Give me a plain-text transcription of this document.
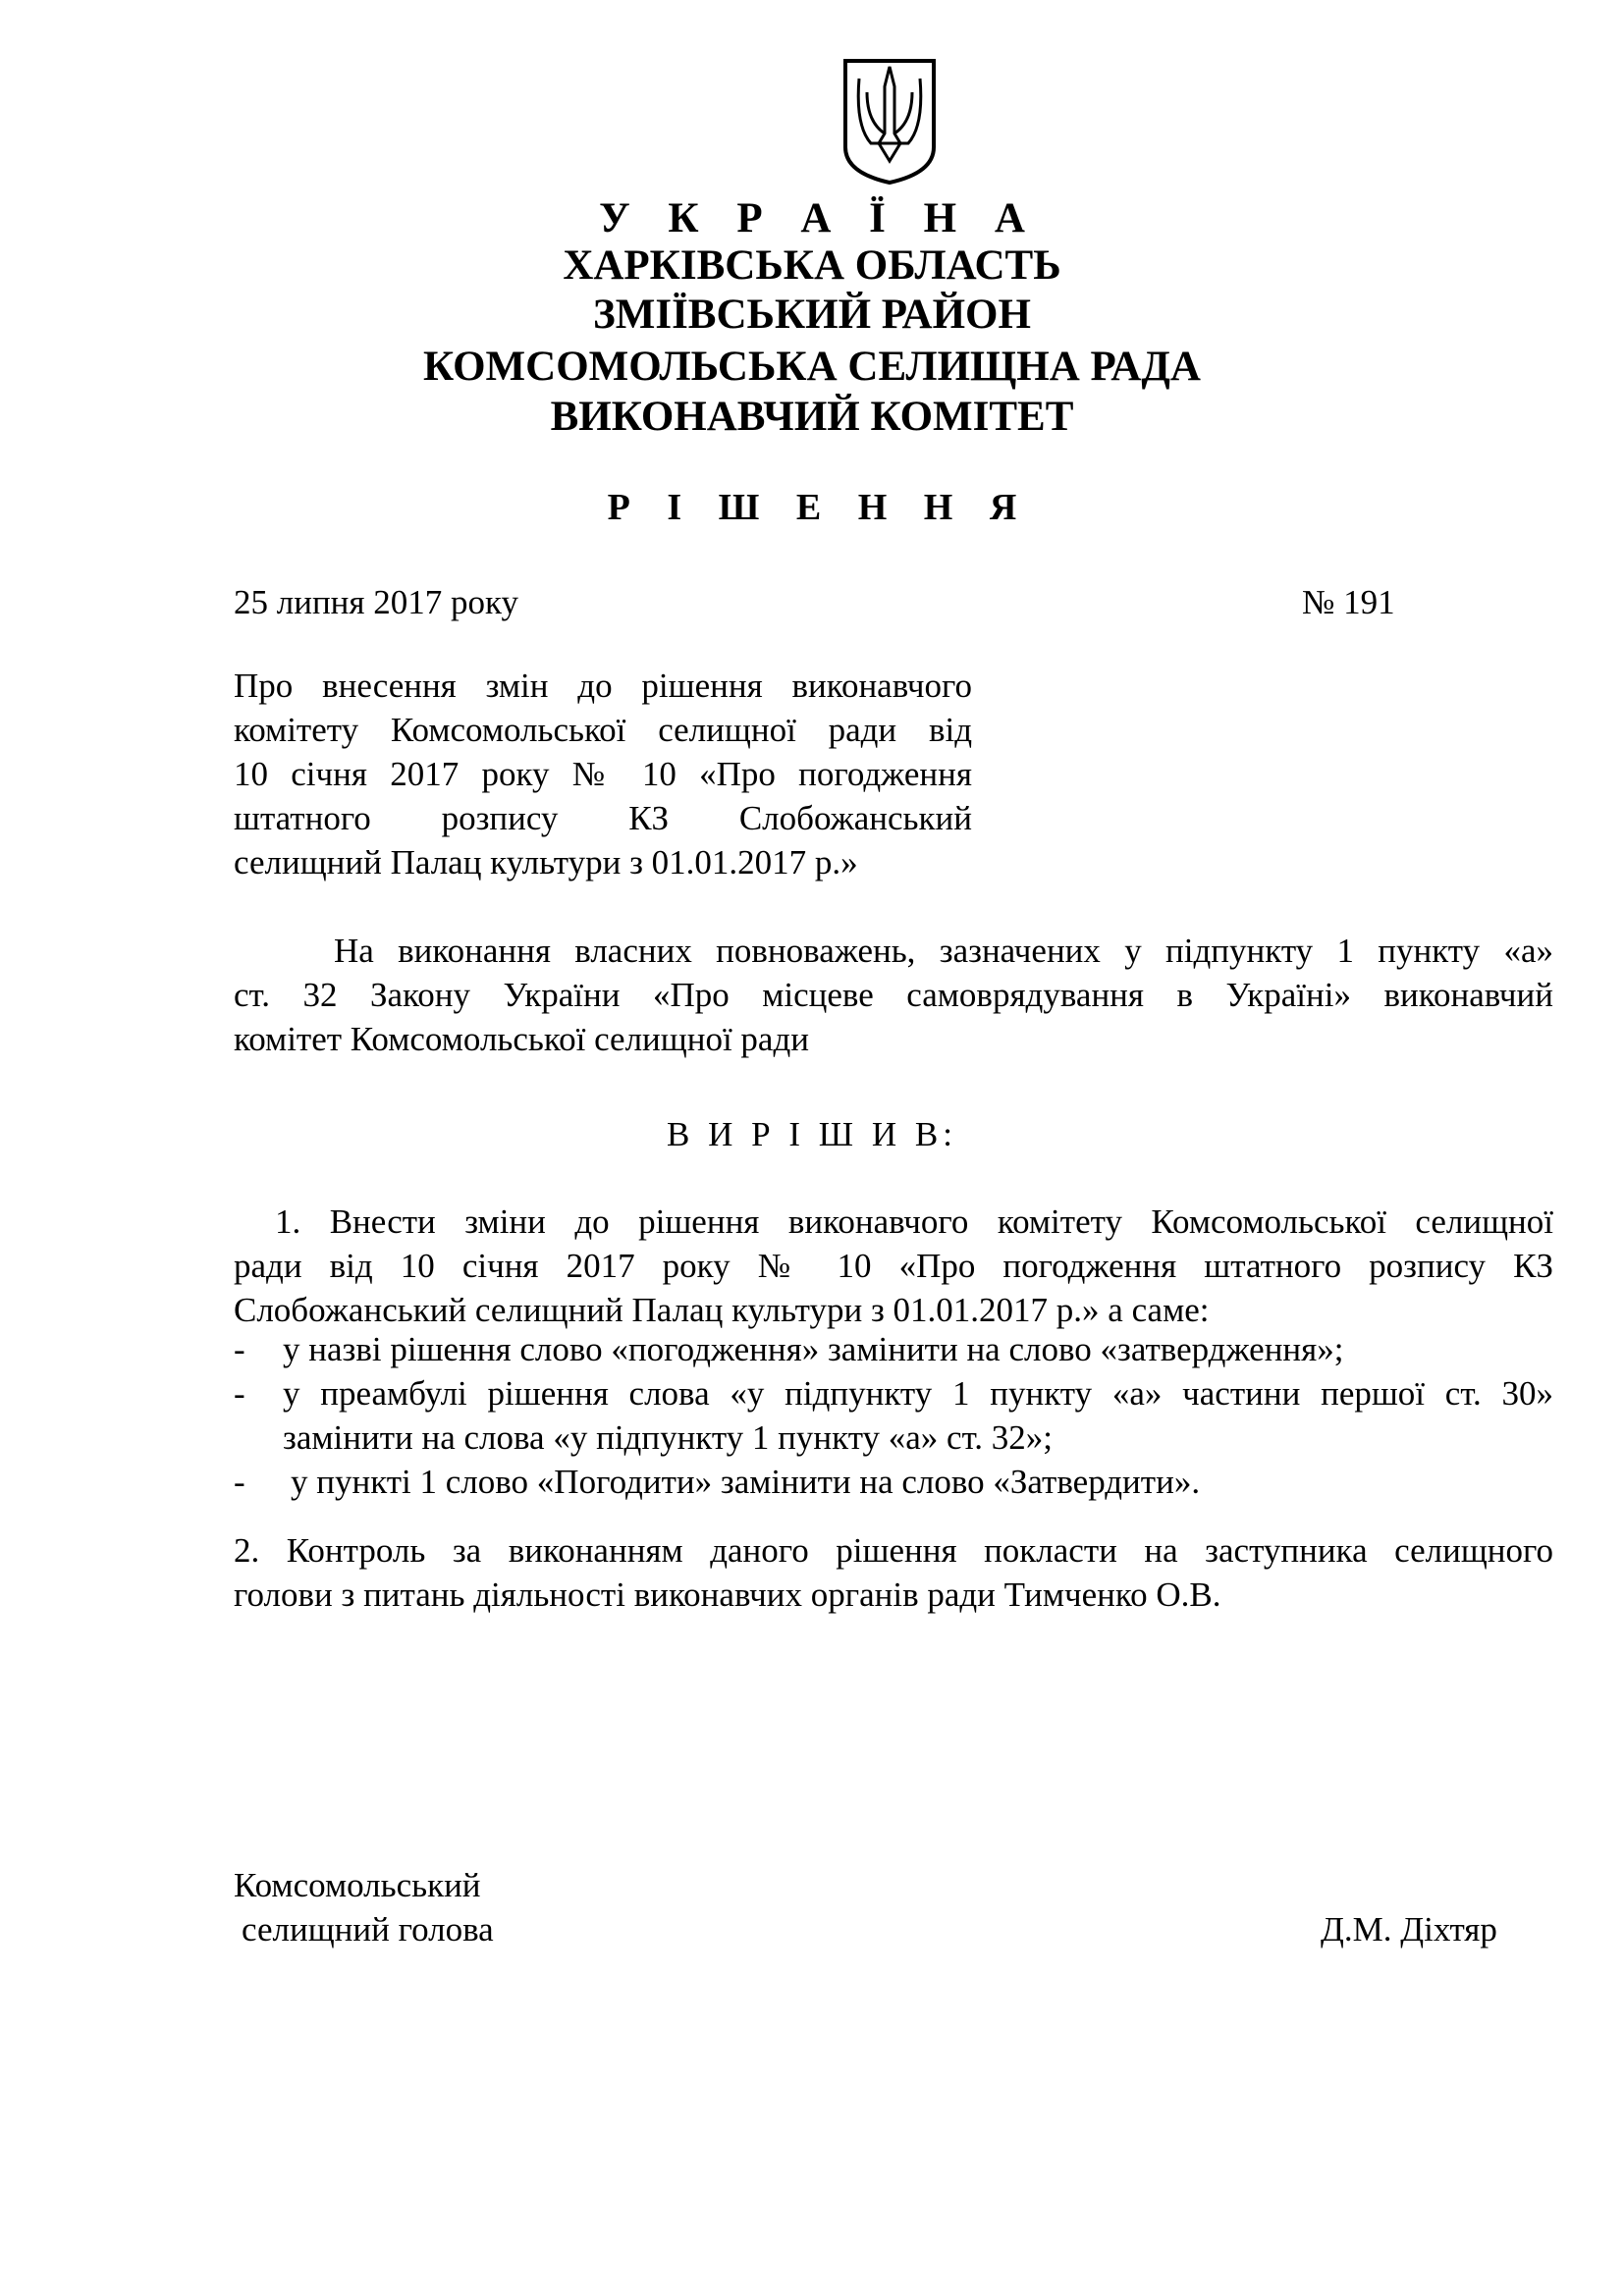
У К Р А Ї Н А
ХАРКІВСЬКА ОБЛАСТЬ
ЗМІЇВСЬКИЙ РАЙОН
КОМСОМОЛЬСЬКА СЕЛИЩНА РАДА
ВИКОНАВЧИЙ КОМІТЕТ
Р І Ш Е Н Н Я
25 липня 2017 року	№ 191
Про внесення змін до рішення виконавчого
комітету Комсомольської селищної ради від
10 січня 2017 року № 10 «Про погодження
штатного розпису КЗ Слобожанський
селищний Палац культури з 01.01.2017 р.»
На виконання власних повноважень, зазначених у підпункту 1 пункту «а»
ст. 32 Закону України «Про місцеве самоврядування в Україні» виконавчий
комітет Комсомольської селищної ради
В И Р І Ш И В:
1. Внести зміни до рішення виконавчого комітету Комсомольської селищної
ради від 10 січня 2017 року № 10 «Про погодження штатного розпису КЗ
Слобожанський селищний Палац культури з 01.01.2017 р.» а саме:
- у назві рішення слово «погодження» замінити на слово «затвердження»;
- у преамбулі рішення слова «у підпункту 1 пункту «а» частини першої ст. 30»
замінити на слова «у підпункту 1 пункту «а» ст. 32»;
- у пункті 1 слово «Погодити» замінити на слово «Затвердити».
2. Контроль за виконанням даного рішення покласти на заступника селищного
голови з питань діяльності виконавчих органів ради Тимченко О.В.
Комсомольський
селищний голова	Д.М. Діхтяр
